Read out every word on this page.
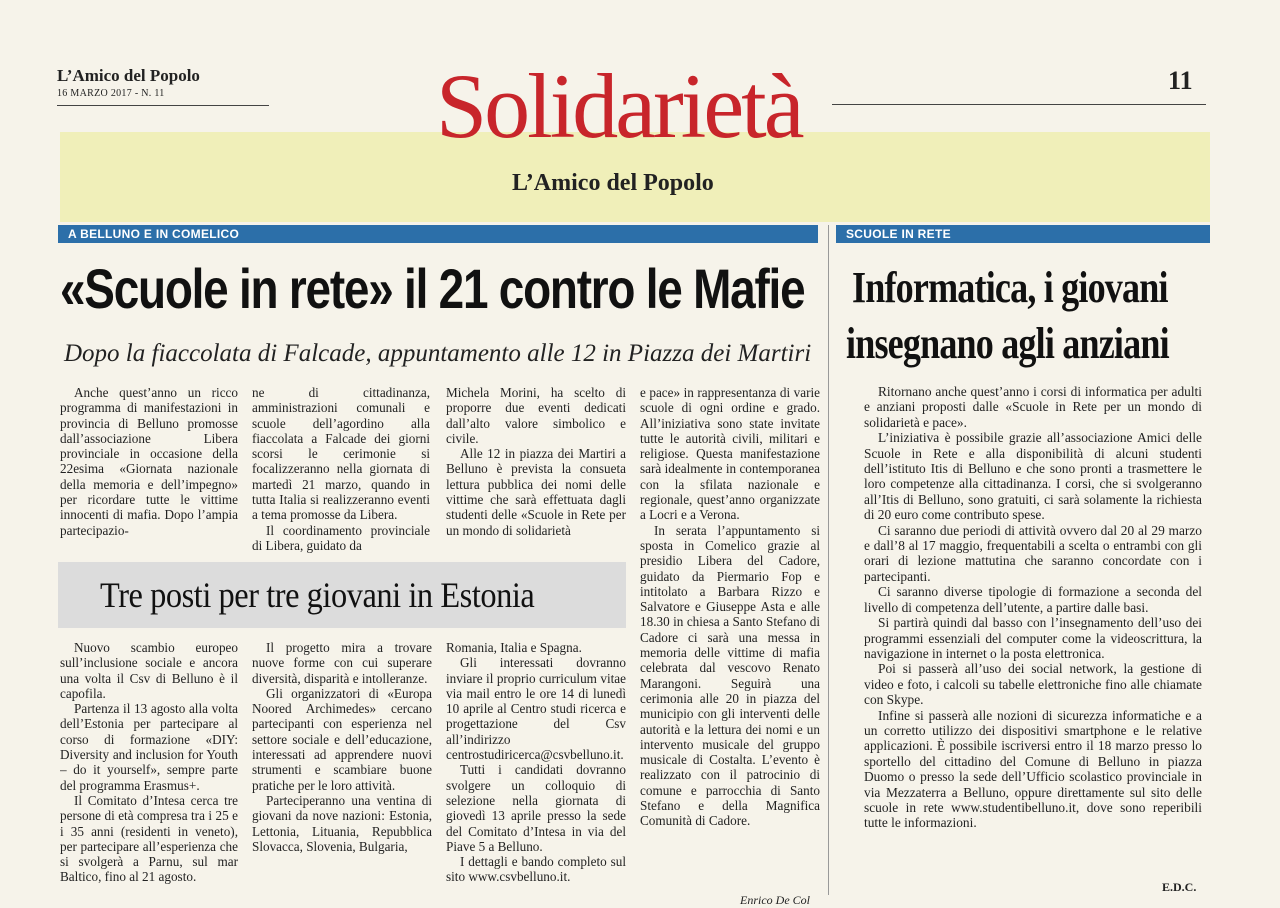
L’Amico del Popolo
16 MARZO 2017 - N. 11	Solidarietà
L’Amico del Popolo
11
A BELLUNO E IN COMELICO	SCUOLE IN RETE
«Scuole in rete» il 21 contro le Mafie
Dopo la fiaccolata di Falcade, appuntamento alle 12 in Piazza dei Martiri

Anche quest’anno un ricco programma di manifestazioni in provincia di Belluno promosse dall’associazione Libera provinciale in occasione della 22esima «Giornata nazionale della memoria e dell’impegno» per ricordare tutte le vittime innocenti di mafia. Dopo l’ampia partecipazio-

ne di cittadinanza, amministrazioni comunali e scuole dell’agordino alla fiaccolata a Falcade dei giorni scorsi le cerimonie si focalizzeranno nella giornata di martedì 21 marzo, quando in tutta Italia si realizzeranno eventi a tema promosse da Libera.

Il coordinamento provinciale di Libera, guidato da

Michela Morini, ha scelto di proporre due eventi dedicati dall’alto valore simbolico e civile.

Alle 12 in piazza dei Martiri a Belluno è prevista la consueta lettura pubblica dei nomi delle vittime che sarà effettuata dagli studenti delle «Scuole in Rete per un mondo di solidarietà

e pace» in rappresentanza di varie scuole di ogni ordine e grado. All’iniziativa sono state invitate tutte le autorità civili, militari e religiose. Questa manifestazione sarà idealmente in contemporanea con la sfilata nazionale e regionale, quest’anno organizzate a Locri e a Verona.

In serata l’appuntamento si sposta in Comelico grazie al presidio Libera del Cadore, guidato da Piermario Fop e intitolato a Barbara Rizzo e Salvatore e Giuseppe Asta e alle 18.30 in chiesa a Santo Stefano di Cadore ci sarà una messa in memoria delle vittime di mafia celebrata dal vescovo Renato Marangoni. Seguirà una cerimonia alle 20 in piazza del municipio con gli interventi delle autorità e la lettura dei nomi e un intervento musicale del gruppo musicale di Costalta. L’evento è realizzato con il patrocinio di comune e parrocchia di Santo Stefano e della Magnifica Comunità di Cadore.

Enrico De Col
Tre posti per tre giovani in Estonia

Nuovo scambio europeo sull’inclusione sociale e ancora una volta il Csv di Belluno è il capofila.

Partenza il 13 agosto alla volta dell’Estonia per partecipare al corso di formazione «DIY: Diversity and inclusion for Youth – do it yourself», sempre parte del programma Erasmus+.

Il Comitato d’Intesa cerca tre persone di età compresa tra i 25 e i 35 anni (residenti in veneto), per partecipare all’esperienza che si svolgerà a Parnu, sul mar Baltico, fino al 21 agosto.

Il progetto mira a trovare nuove forme con cui superare diversità, disparità e intolleranze.

Gli organizzatori di «Europa Noored Archimedes» cercano partecipanti con esperienza nel settore sociale e dell’educazione, interessati ad apprendere nuovi strumenti e scambiare buone pratiche per le loro attività.

Parteciperanno una ventina di giovani da nove nazioni: Estonia, Lettonia, Lituania, Repubblica Slovacca, Slovenia, Bulgaria,

Romania, Italia e Spagna.

Gli interessati dovranno inviare il proprio curriculum vitae via mail entro le ore 14 di lunedì 10 aprile al Centro studi ricerca e progettazione del Csv all’indirizzo centrostudiricerca@csvbelluno.it.

Tutti i candidati dovranno svolgere un colloquio di selezione nella giornata di giovedì 13 aprile presso la sede del Comitato d’Intesa in via del Piave 5 a Belluno.

I dettagli e bando completo sul sito www.csvbelluno.it.

Informatica, i giovani
insegnano agli anziani

Ritornano anche quest’anno i corsi di informatica per adulti e anziani proposti dalle «Scuole in Rete per un mondo di solidarietà e pace».

L’iniziativa è possibile grazie all’associazione Amici delle Scuole in Rete e alla disponibilità di alcuni studenti dell’istituto Itis di Belluno e che sono pronti a trasmettere le loro competenze alla cittadinanza. I corsi, che si svolgeranno all’Itis di Belluno, sono gratuiti, ci sarà solamente la richiesta di 20 euro come contributo spese.

Ci saranno due periodi di attività ovvero dal 20 al 29 marzo e dall’8 al 17 maggio, frequentabili a scelta o entrambi con gli orari di lezione mattutina che saranno concordate con i partecipanti.

Ci saranno diverse tipologie di formazione a seconda del livello di competenza dell’utente, a partire dalle basi.

Si partirà quindi dal basso con l’insegnamento dell’uso dei programmi essenziali del computer come la videoscrittura, la navigazione in internet o la posta elettronica.

Poi si passerà all’uso dei social network, la gestione di video e foto, i calcoli su tabelle elettroniche fino alle chiamate con Skype.

Infine si passerà alle nozioni di sicurezza informatiche e a un corretto utilizzo dei dispositivi smartphone e le relative applicazioni. È possibile iscriversi entro il 18 marzo presso lo sportello del cittadino del Comune di Belluno in piazza Duomo o presso la sede dell’Ufficio scolastico provinciale in via Mezzaterra a Belluno, oppure direttamente sul sito delle scuole in rete www.studentibelluno.it, dove sono reperibili tutte le informazioni.

E.D.C.
